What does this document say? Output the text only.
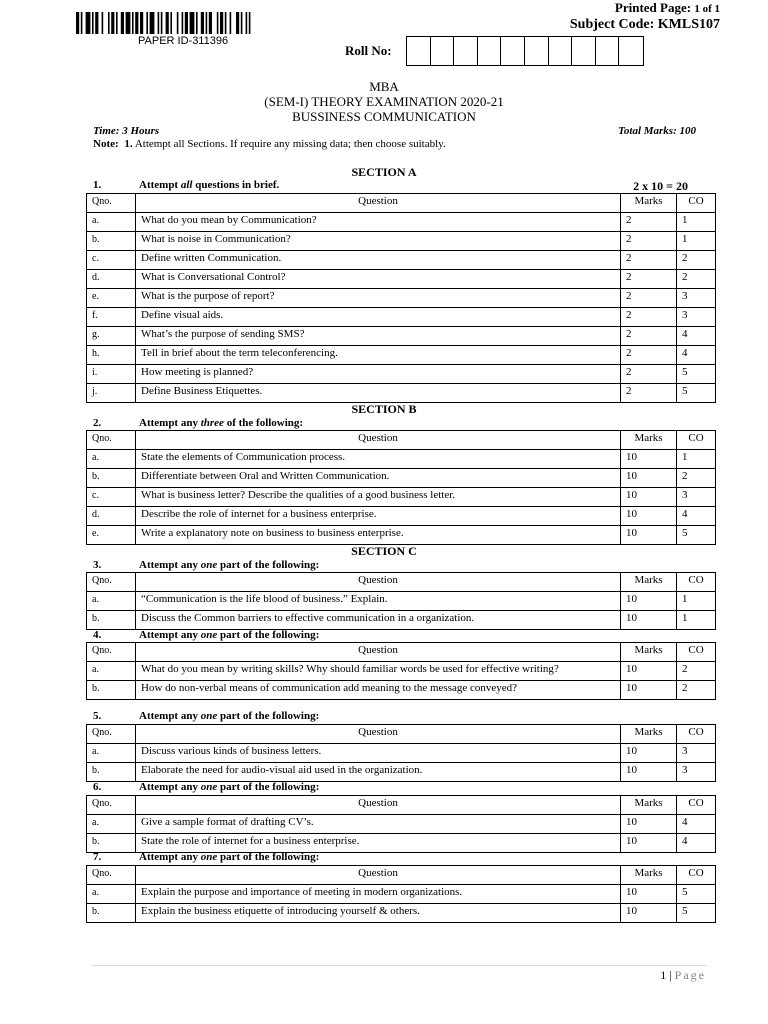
PAPER ID-311396
Printed Page: 1 of 1
Subject Code: KMLS107
Roll No:
MBA
(SEM-I) THEORY EXAMINATION 2020-21
BUSSINESS COMMUNICATION
Time: 3 Hours	Total Marks: 100
Note: 1. Attempt all Sections. If require any missing data; then choose suitably.
SECTION A
1.	Attempt all questions in brief.	2 x 10 = 20
Qno.	Question	Marks	CO
a.	What do you mean by Communication?	2	1
b.	What is noise in Communication?	2	1
c.	Define written Communication.	2	2
d.	What is Conversational Control?	2	2
e.	What is the purpose of report?	2	3
f.	Define visual aids.	2	3
g.	What’s the purpose of sending SMS?	2	4
h.	Tell in brief about the term teleconferencing.	2	4
i.	How meeting is planned?	2	5
j.	Define Business Etiquettes.	2	5
SECTION B
2.	Attempt any three of the following:
Qno.	Question	Marks	CO
a.	State the elements of Communication process.	10	1
b.	Differentiate between Oral and Written Communication.	10	2
c.	What is business letter? Describe the qualities of a good business letter.	10	3
d.	Describe the role of internet for a business enterprise.	10	4
e.	Write a explanatory note on business to business enterprise.	10	5
SECTION C
3.	Attempt any one part of the following:
Qno.	Question	Marks	CO
a.	“Communication is the life blood of business.” Explain.	10	1
b.	Discuss the Common barriers to effective communication in a organization.	10	1
4.	Attempt any one part of the following:
Qno.	Question	Marks	CO
a.	What do you mean by writing skills? Why should familiar words be used for effective writing?	10	2
b.	How do non-verbal means of communication add meaning to the message conveyed?	10	2
5.	Attempt any one part of the following:
Qno.	Question	Marks	CO
a.	Discuss various kinds of business letters.	10	3
b.	Elaborate the need for audio-visual aid used in the organization.	10	3
6.	Attempt any one part of the following:
Qno.	Question	Marks	CO
a.	Give a sample format of drafting CV’s.	10	4
b.	State the role of internet for a business enterprise.	10	4
7.	Attempt any one part of the following:
Qno.	Question	Marks	CO
a.	Explain the purpose and importance of meeting in modern organizations.	10	5
b.	Explain the business etiquette of introducing yourself & others.	10	5
1 | Page
